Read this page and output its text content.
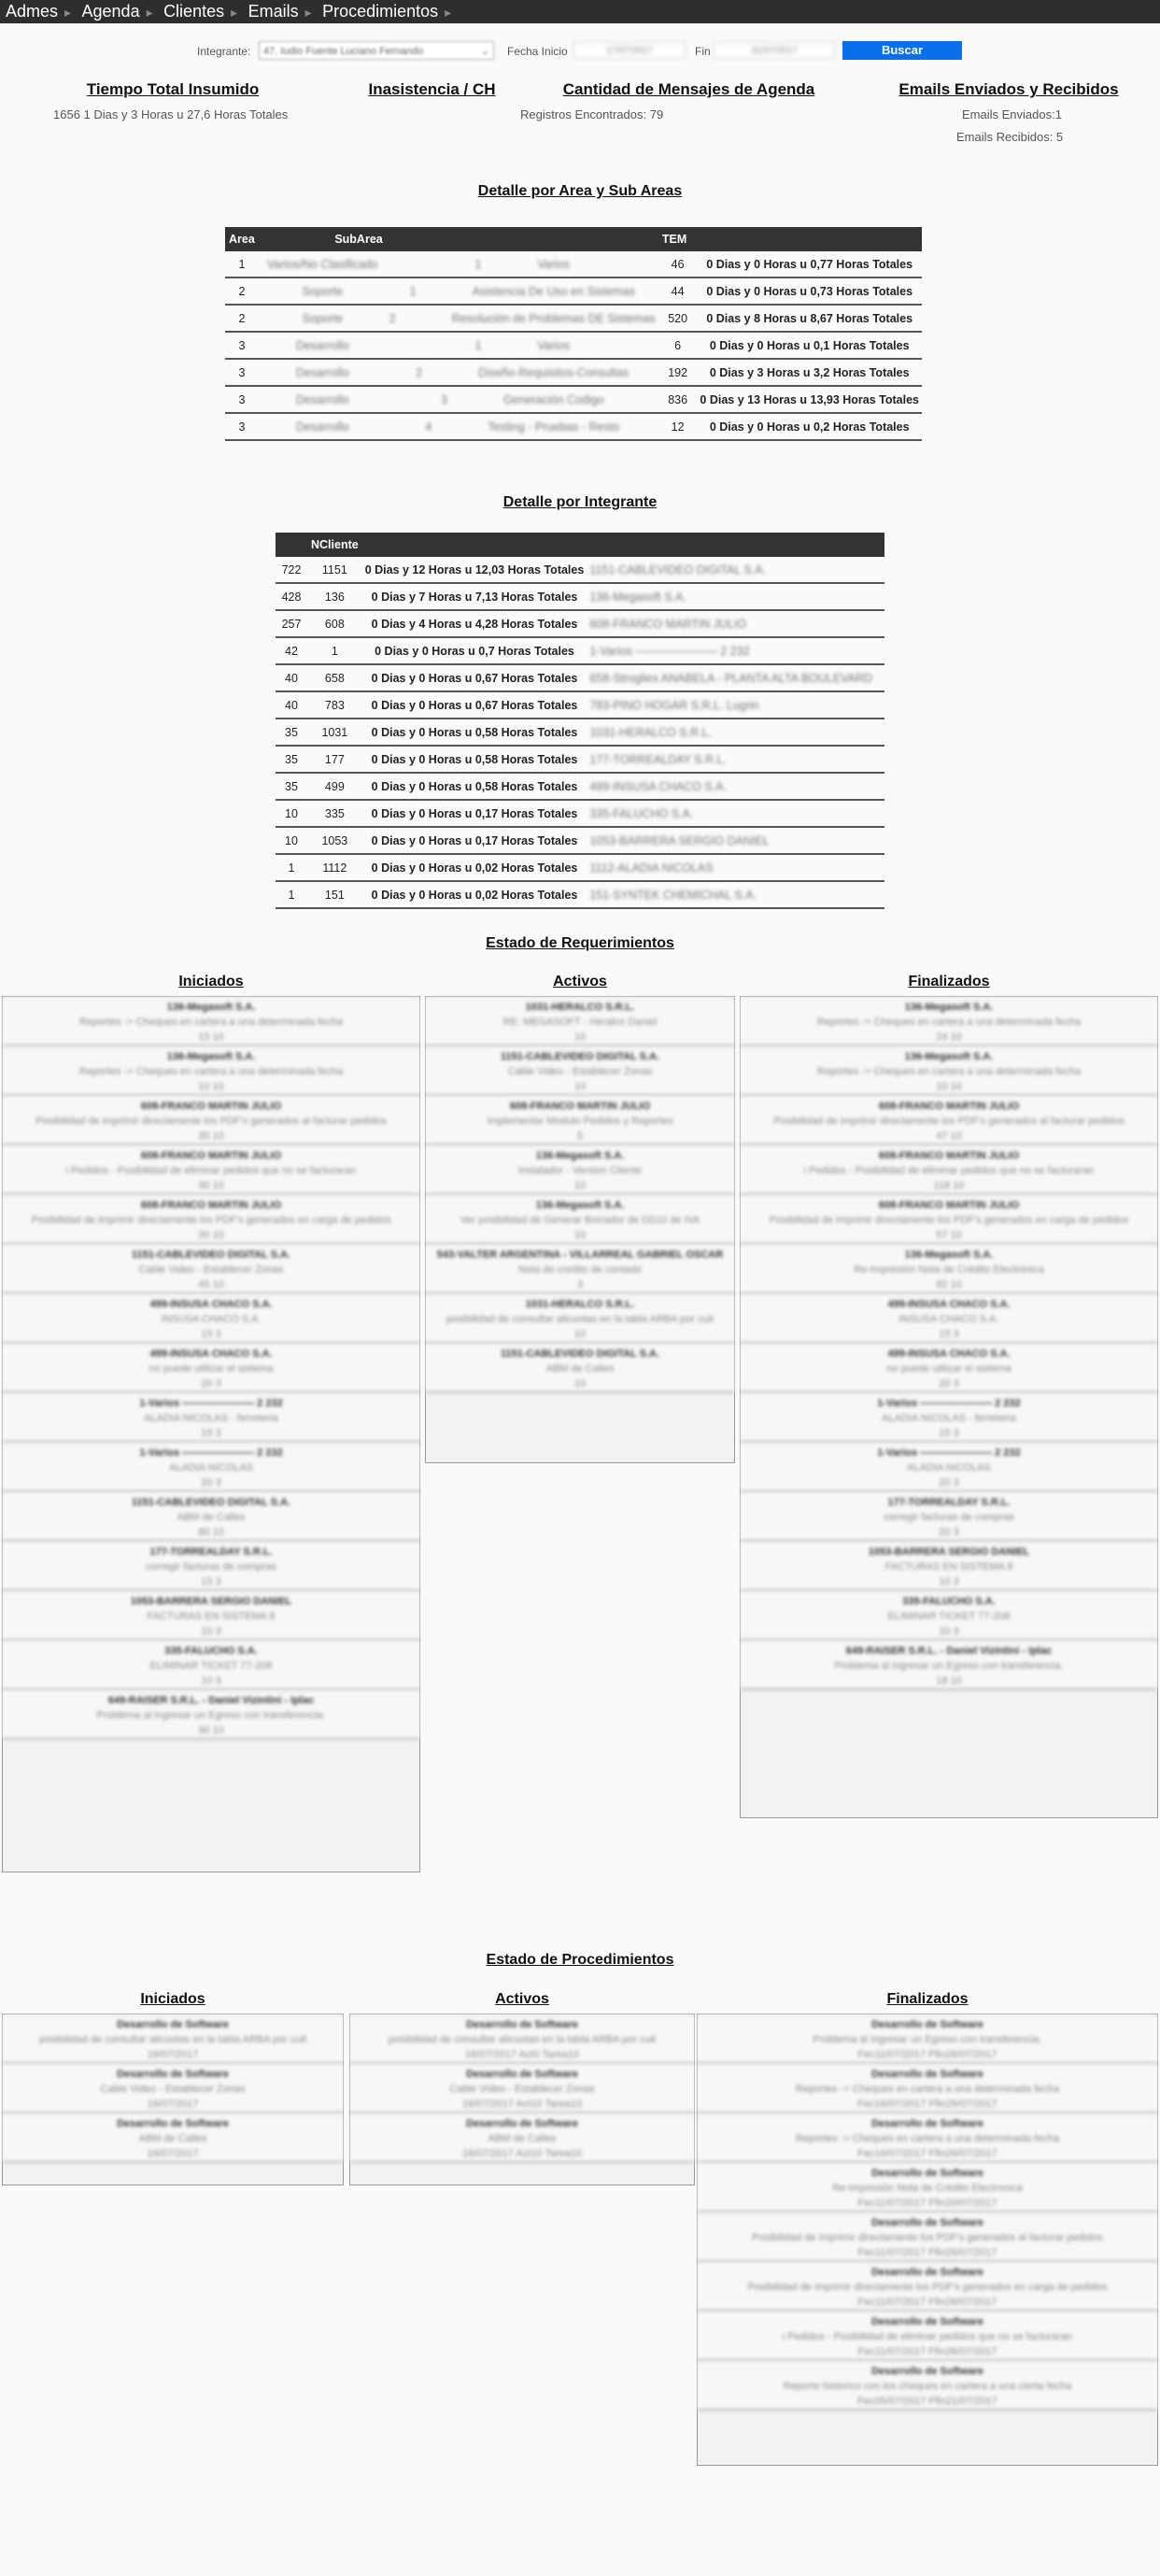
Admes ▸ Agenda ▸ Clientes ▸ Emails ▸ Procedimientos ▸
Integrante:	47. Iudio Fuente Luciano Fernando	⌄ Fecha Inicio	17/07/2017	Fin	31/07/2017	Buscar
Tiempo Total Insumido
1656 1 Dias y 3 Horas u 27,6 Horas Totales
Inasistencia / CH	Cantidad de Mensajes de Agenda
Registros Encontrados: 79
Emails Enviados y Recibidos
Emails Enviados:1
Emails Recibidos: 5
Detalle por Area y Sub Areas
Area	SubArea		TEM	
1	Varios/No Clasificado	1 Varios	46	0 Dias y 0 Horas u 0,77 Horas Totales
2	Soporte	1 Asistencia De Uso en Sistemas	44	0 Dias y 0 Horas u 0,73 Horas Totales
2	Soporte	2 Resolución de Problemas DE Sistemas	520	0 Dias y 8 Horas u 8,67 Horas Totales
3	Desarrollo	1 Varios	6	0 Dias y 0 Horas u 0,1 Horas Totales
3	Desarrollo	2 Diseño-Requisitos-Consultas	192	0 Dias y 3 Horas u 3,2 Horas Totales
3	Desarrollo	3 Generación Codigo	836	0 Dias y 13 Horas u 13,93 Horas Totales
3	Desarrollo	4 Testing - Pruebas - Resto	12	0 Dias y 0 Horas u 0,2 Horas Totales
Detalle por Integrante
	NCliente		
722	1151	0 Dias y 12 Horas u 12,03 Horas Totales	1151-CABLEVIDEO DIGITAL S.A.
428	136	0 Dias y 7 Horas u 7,13 Horas Totales	136-Megasoft S.A.
257	608	0 Dias y 4 Horas u 4,28 Horas Totales	608-FRANCO MARTIN JULIO
42	1	0 Dias y 0 Horas u 0,7 Horas Totales	1-Varios ——————— 2 232
40	658	0 Dias y 0 Horas u 0,67 Horas Totales	658-Strogliex ANABELA - PLANTA ALTA BOULEVARD
40	783	0 Dias y 0 Horas u 0,67 Horas Totales	783-PINO HOGAR S.R.L. Lugrin
35	1031	0 Dias y 0 Horas u 0,58 Horas Totales	1031-HERALCO S.R.L.
35	177	0 Dias y 0 Horas u 0,58 Horas Totales	177-TORREALDAY S.R.L.
35	499	0 Dias y 0 Horas u 0,58 Horas Totales	499-INSUSA CHACO S.A.
10	335	0 Dias y 0 Horas u 0,17 Horas Totales	335-FALUCHO S.A.
10	1053	0 Dias y 0 Horas u 0,17 Horas Totales	1053-BARRERA SERGIO DANIEL
1	1112	0 Dias y 0 Horas u 0,02 Horas Totales	1112-ALADIA NICOLAS
1	151	0 Dias y 0 Horas u 0,02 Horas Totales	151-SYNTEK CHEMICHAL S.A.
Estado de Requerimientos
Iniciados	Activos	Finalizados
136-Megasoft S.A.
Reportes -> Cheques en cartera a una determinada fecha
15 10
136-Megasoft S.A.
Reportes -> Cheques en cartera a una determinada fecha
10 10
608-FRANCO MARTIN JULIO
Posibilidad de imprimir directamente los PDF's generados al facturar pedidos
35 10
608-FRANCO MARTIN JULIO
i Pedidos - Posibilidad de eliminar pedidos que no se facturaran
30 10
608-FRANCO MARTIN JULIO
Posibilidad de imprimir directamente los PDF's generados en carga de pedidos
30 10
1151-CABLEVIDEO DIGITAL S.A.
Cable Video - Establecer Zonas
45 10
499-INSUSA CHACO S.A.
INSUSA CHACO S.A.
15 3
499-INSUSA CHACO S.A.
no puede utilizar el sistema
20 3
1-Varios ——————— 2 232
ALADIA NICOLAS - ferreteria
15 3
1-Varios ——————— 2 232
ALADIA NICOLAS
20 3
1151-CABLEVIDEO DIGITAL S.A.
ABM de Calles
80 10
177-TORREALDAY S.R.L.
corregir facturas de compras
15 3
1053-BARRERA SERGIO DANIEL
FACTURAS EN SISTEMA 8
10 3
335-FALUCHO S.A.
ELIMINAR TICKET 77-208
10 3
649-RAISER S.R.L. - Daniel Vizintini - Iplac
Problema al ingresar un Egreso con transferencia.
30 10
1031-HERALCO S.R.L.
RE: MEGASOFT - Heralco Daniel
10
1151-CABLEVIDEO DIGITAL S.A.
Cable Video - Establecer Zonas
10
608-FRANCO MARTIN JULIO
Implementar Modulo Pedidos y Reportes
5
136-Megasoft S.A.
Instalador - Version Cliente
10
136-Megasoft S.A.
Ver posibilidad de Generar Borrador de DDJJ de IVA
10
543-VALTER ARGENTINA - VILLARREAL GABRIEL OSCAR
Nota de credito de contado
3
1031-HERALCO S.R.L.
posibilidad de consultar alicuotas en la tabla ARBA por cuit
10
1151-CABLEVIDEO DIGITAL S.A.
ABM de Calles
10
136-Megasoft S.A.
Reportes -> Cheques en cartera a una determinada fecha
24 10
136-Megasoft S.A.
Reportes -> Cheques en cartera a una determinada fecha
10 10
608-FRANCO MARTIN JULIO
Posibilidad de imprimir directamente los PDF's generados al facturar pedidos
47 10
608-FRANCO MARTIN JULIO
i Pedidos - Posibilidad de eliminar pedidos que no se facturaran
118 10
608-FRANCO MARTIN JULIO
Posibilidad de imprimir directamente los PDF's generados en carga de pedidos
57 10
136-Megasoft S.A.
Re-Impresión Nota de Crédito Electronica
82 10
499-INSUSA CHACO S.A.
INSUSA CHACO S.A.
15 3
499-INSUSA CHACO S.A.
no puede utilizar el sistema
20 3
1-Varios ——————— 2 232
ALADIA NICOLAS - ferreteria
15 3
1-Varios ——————— 2 232
ALADIA NICOLAS
20 3
177-TORREALDAY S.R.L.
corregir facturas de compras
20 3
1053-BARRERA SERGIO DANIEL
FACTURAS EN SISTEMA 8
10 3
335-FALUCHO S.A.
ELIMINAR TICKET 77-208
10 3
649-RAISER S.R.L. - Daniel Vizintini - Iplac
Problema al ingresar un Egreso con transferencia.
18 10
Estado de Procedimientos
Iniciados	Activos	Finalizados
Desarrollo de Software
posibilidad de consultar alicuotas en la tabla ARBA por cuit
16/07/2017
Desarrollo de Software
Cable Video - Establecer Zonas
16/07/2017
Desarrollo de Software
ABM de Calles
16/07/2017
Desarrollo de Software
posibilidad de consultar alicuotas en la tabla ARBA por cuit
16/07/2017 Act0 Tarea10
Desarrollo de Software
Cable Video - Establecer Zonas
16/07/2017 Act10 Tarea10
Desarrollo de Software
ABM de Calles
16/07/2017 Act10 Tarea10
Desarrollo de Software
Problema al ingresar un Egreso con transferencia.
Fec11/07/2017 Ffin26/07/2017
Desarrollo de Software
Reportes -> Cheques en cartera a una determinada fecha
Fec16/07/2017 Ffin26/07/2017
Desarrollo de Software
Reportes -> Cheques en cartera a una determinada fecha
Fec16/07/2017 Ffin26/07/2017
Desarrollo de Software
Re-Impresión Nota de Crédito Electronica
Fec11/07/2017 Ffin20/07/2017
Desarrollo de Software
Posibilidad de imprimir directamente los PDF's generados al facturar pedidos
Fec11/07/2017 Ffin26/07/2017
Desarrollo de Software
Posibilidad de imprimir directamente los PDF's generados en carga de pedidos
Fec11/07/2017 Ffin26/07/2017
Desarrollo de Software
i Pedidos - Posibilidad de eliminar pedidos que no se facturaran
Fec11/07/2017 Ffin26/07/2017
Desarrollo de Software
Reporte historico con los cheques en cartera a una cierta fecha
Fec05/07/2017 Ffin21/07/2017
